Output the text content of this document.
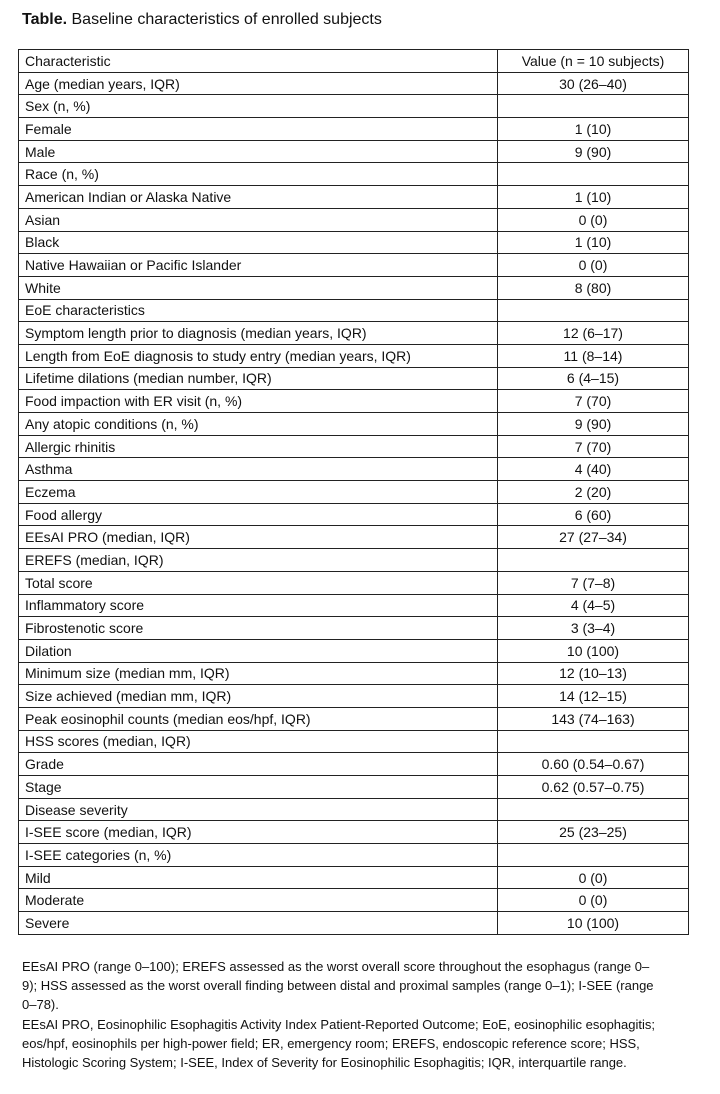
Table. Baseline characteristics of enrolled subjects
Characteristic	Value (n = 10 subjects)
Age (median years, IQR)	30 (26–40)
Sex (n, %)	
Female	1 (10)
Male	9 (90)
Race (n, %)	
American Indian or Alaska Native	1 (10)
Asian	0 (0)
Black	1 (10)
Native Hawaiian or Pacific Islander	0 (0)
White	8 (80)
EoE characteristics	
Symptom length prior to diagnosis (median years, IQR)	12 (6–17)
Length from EoE diagnosis to study entry (median years, IQR)	11 (8–14)
Lifetime dilations (median number, IQR)	6 (4–15)
Food impaction with ER visit (n, %)	7 (70)
Any atopic conditions (n, %)	9 (90)
Allergic rhinitis	7 (70)
Asthma	4 (40)
Eczema	2 (20)
Food allergy	6 (60)
EEsAI PRO (median, IQR)	27 (27–34)
EREFS (median, IQR)	
Total score	7 (7–8)
Inflammatory score	4 (4–5)
Fibrostenotic score	3 (3–4)
Dilation	10 (100)
Minimum size (median mm, IQR)	12 (10–13)
Size achieved (median mm, IQR)	14 (12–15)
Peak eosinophil counts (median eos/hpf, IQR)	143 (74–163)
HSS scores (median, IQR)	
Grade	0.60 (0.54–0.67)
Stage	0.62 (0.57–0.75)
Disease severity	
I-SEE score (median, IQR)	25 (23–25)
I-SEE categories (n, %)	
Mild	0 (0)
Moderate	0 (0)
Severe	10 (100)

EEsAI PRO (range 0–100); EREFS assessed as the worst overall score throughout the esophagus (range 0–9); HSS assessed as the worst overall finding between distal and proximal samples (range 0–1); I-SEE (range 0–78).

EEsAI PRO, Eosinophilic Esophagitis Activity Index Patient-Reported Outcome; EoE, eosinophilic esophagitis; eos/hpf, eosinophils per high-power field; ER, emergency room; EREFS, endoscopic reference score; HSS, Histologic Scoring System; I-SEE, Index of Severity for Eosinophilic Esophagitis; IQR, interquartile range.
